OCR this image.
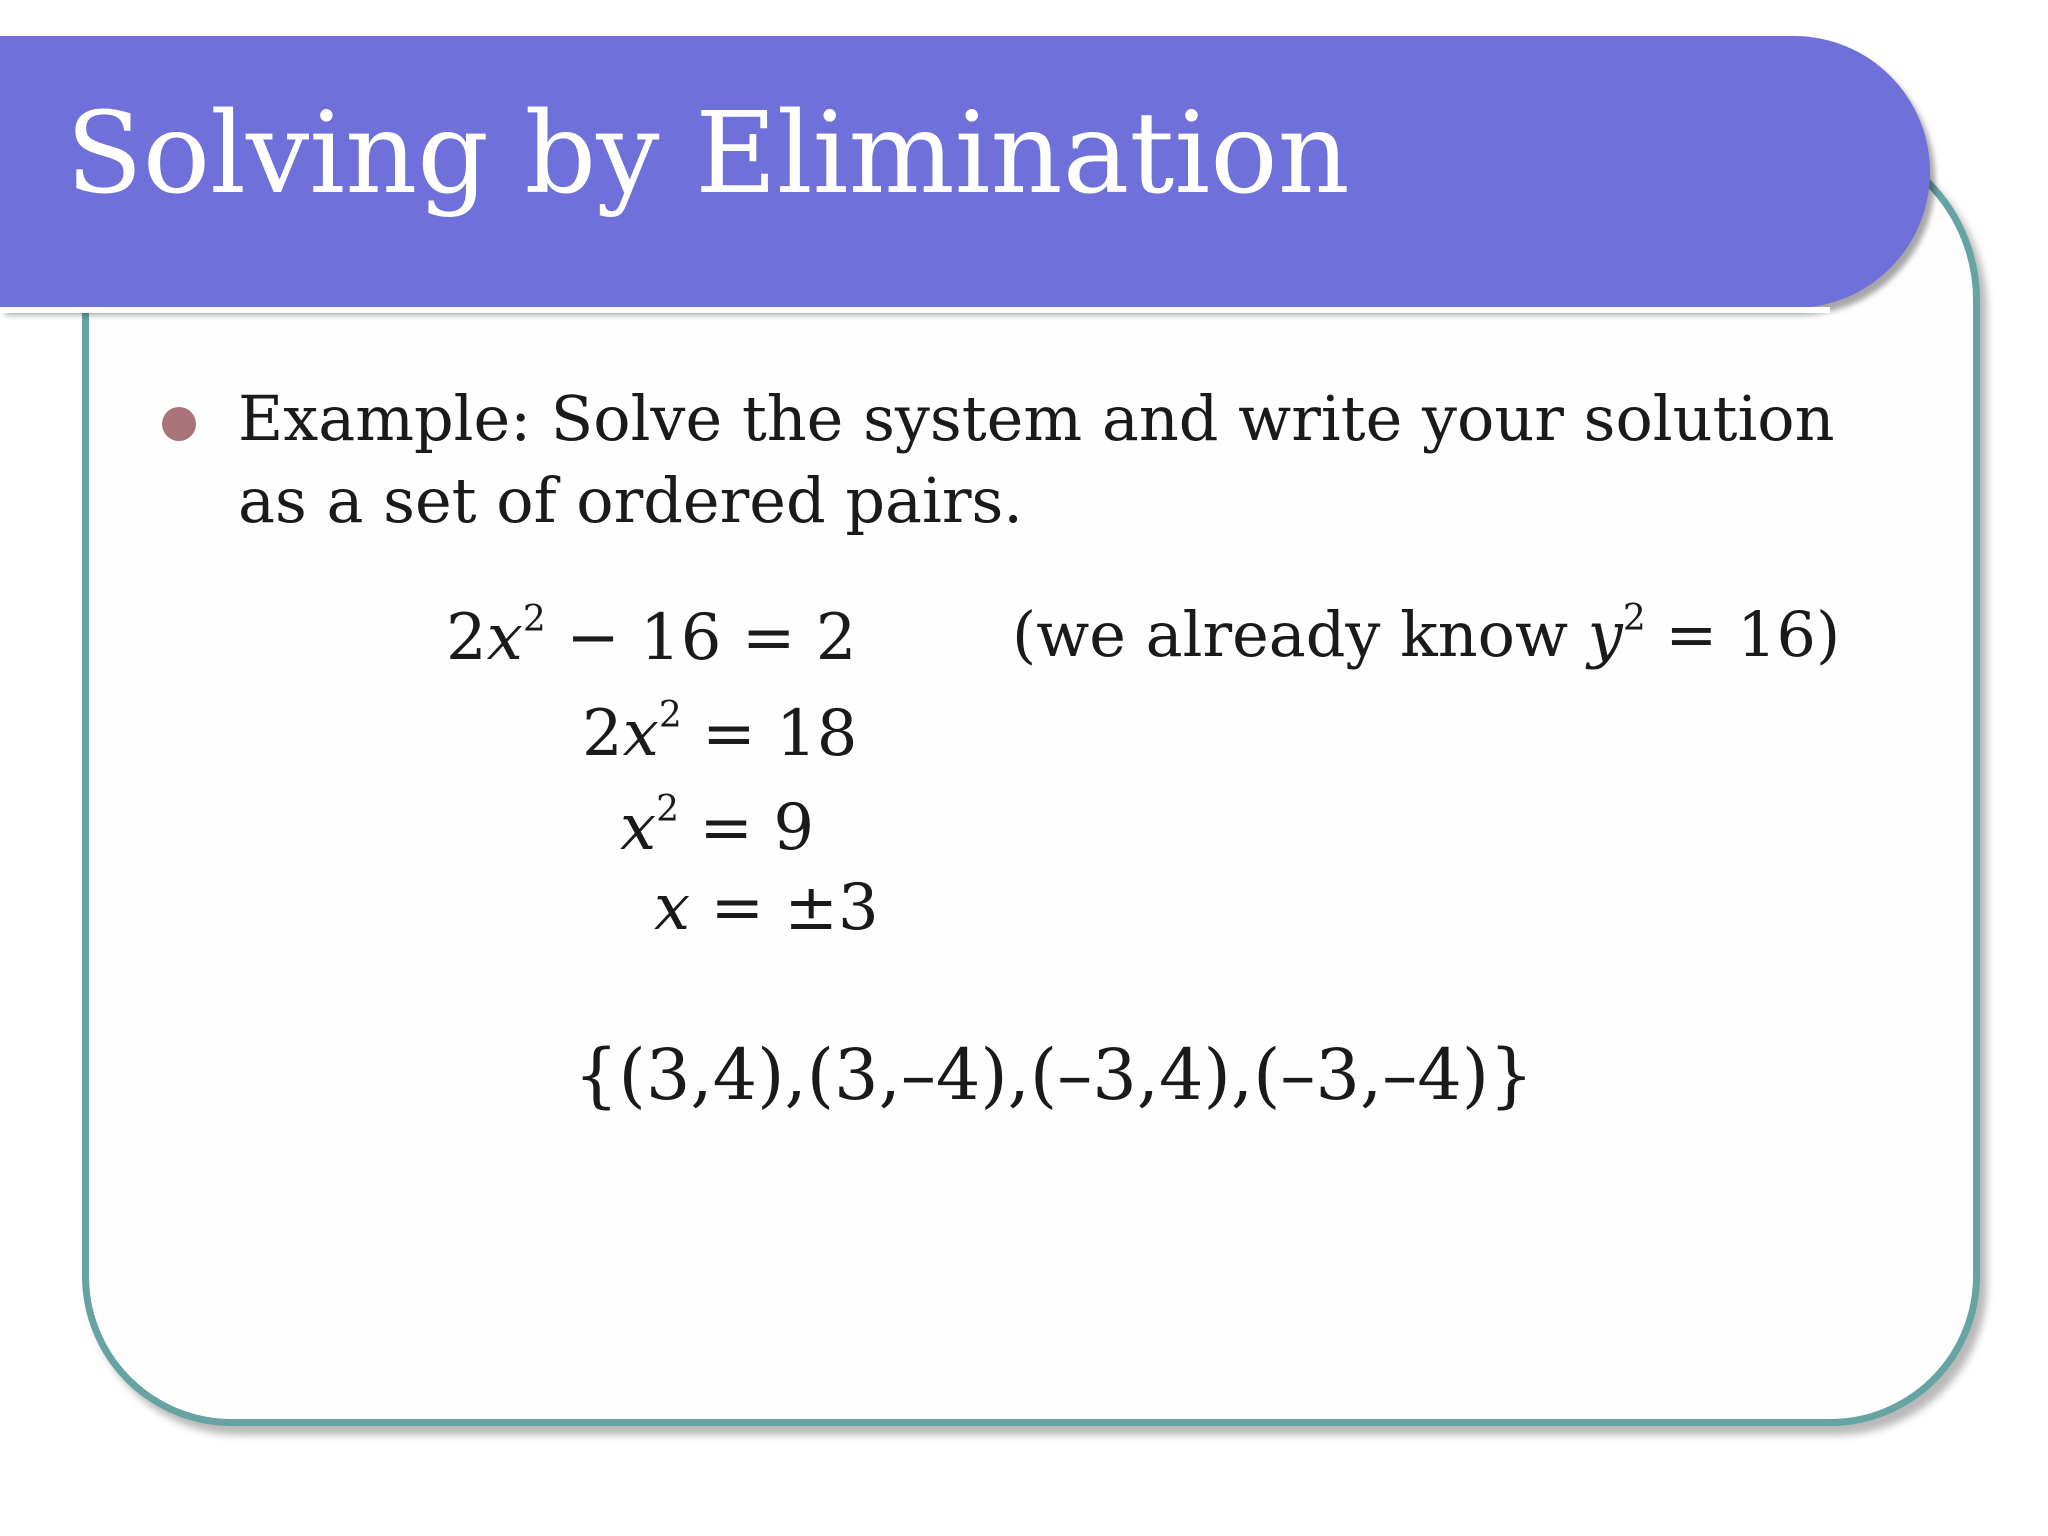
Solving by Elimination

Example: Solve the system and write your solution as a set of ordered pairs.

$2x^2 - 16 = 2$
$2x^2 = 18$
$x^2 = 9$
x = ±3
(we already know $y^2 = 16$)
{(3,4),(3,–4),(–3,4),(–3,–4)}
